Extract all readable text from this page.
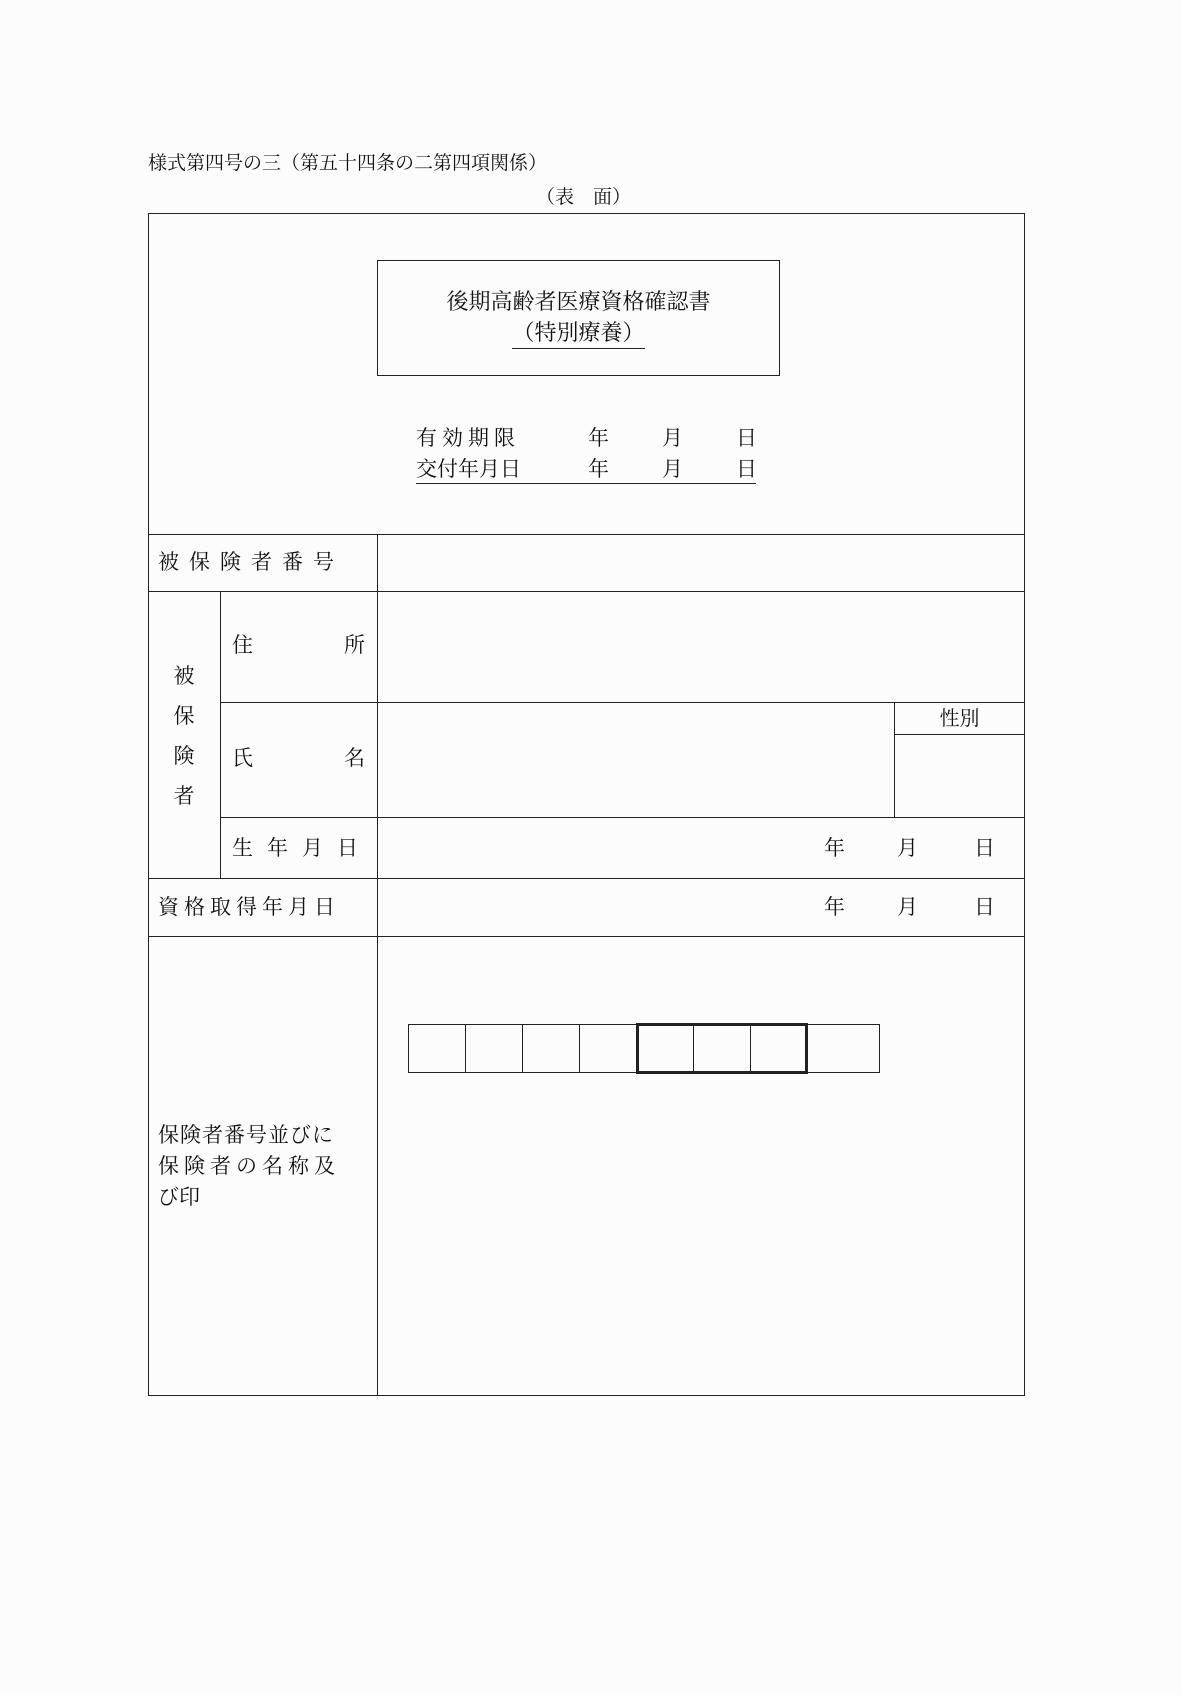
様式第四号の三（第五十四条の二第四項関係）
（表　面）
後期高齢者医療資格確認書
（特別療養）
有効期限	年	月	日
交付年月日	年	月	日
被保険者番号
被
保
険
者
住	所
氏	名
性別
生年月日	年 月	日
資格取得年月日	年 月	日
保険者番号並びに
保険者の名称及
び印
